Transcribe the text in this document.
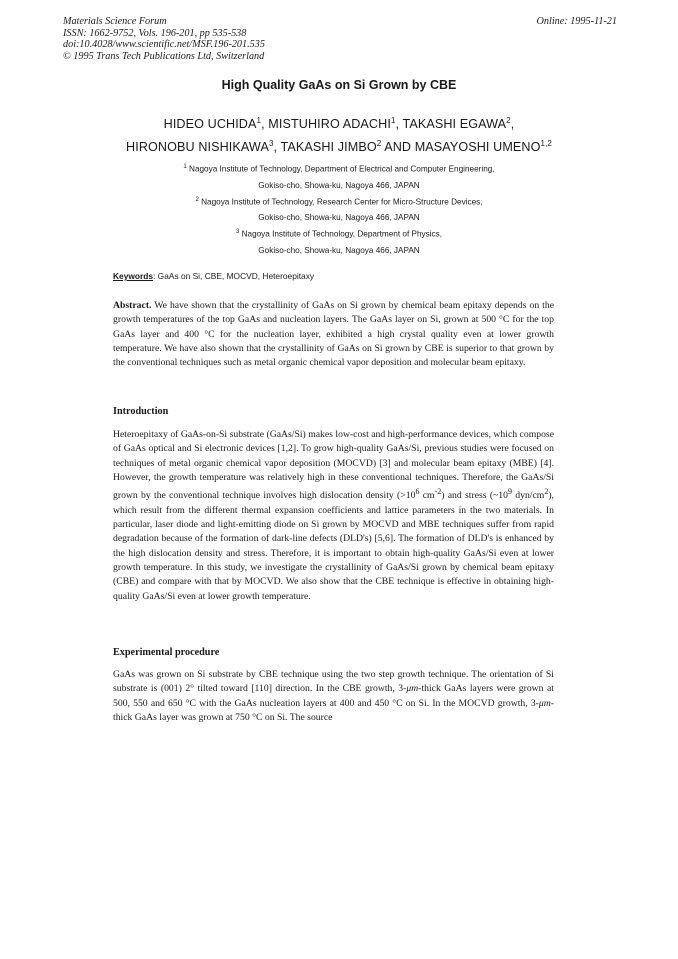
Materials Science Forum
ISSN: 1662-9752, Vols. 196-201, pp 535-538
doi:10.4028/www.scientific.net/MSF.196-201.535
© 1995 Trans Tech Publications Ltd, Switzerland
Online: 1995-11-21
High Quality GaAs on Si Grown by CBE
HIDEO UCHIDA$^1$, MISTUHIRO ADACHI$^1$, TAKASHI EGAWA$^2$,
HIRONOBU NISHIKAWA$^3$, TAKASHI JIMBO$^2$ AND MASAYOSHI UMENO$^{1,2}$
$^1$ Nagoya Institute of Technology, Department of Electrical and Computer Engineering,
Gokiso-cho, Showa-ku, Nagoya 466, JAPAN
$^2$ Nagoya Institute of Technology, Research Center for Micro-Structure Devices,
Gokiso-cho, Showa-ku, Nagoya 466, JAPAN
$^3$ Nagoya Institute of Technology, Department of Physics,
Gokiso-cho, Showa-ku, Nagoya 466, JAPAN
Keywords: GaAs on Si, CBE, MOCVD, Heteroepitaxy

Abstract. We have shown that the crystallinity of GaAs on Si grown by chemical beam epitaxy depends on the growth temperatures of the top GaAs and nucleation layers. The GaAs layer on Si, grown at 500 °C for the top GaAs layer and 400 °C for the nucleation layer, exhibited a high crystal quality even at lower growth temperature. We have also shown that the crystallinity of GaAs on Si grown by CBE is superior to that grown by the conventional techniques such as metal organic chemical vapor deposition and molecular beam epitaxy.

Introduction

Heteroepitaxy of GaAs-on-Si substrate (GaAs/Si) makes low-cost and high-performance devices, which compose of GaAs optical and Si electronic devices [1,2]. To grow high-quality GaAs/Si, previous studies were focused on techniques of metal organic chemical vapor deposition (MOCVD) [3] and molecular beam epitaxy (MBE) [4]. However, the growth temperature was relatively high in these conventional techniques. Therefore, the GaAs/Si grown by the conventional technique involves high dislocation density ($>10^6$ $cm^{-2}$) and stress ($\sim 10^9$ dyn/$cm^2$), which result from the different thermal expansion coefficients and lattice parameters in the two materials. In particular, laser diode and light-emitting diode on Si grown by MOCVD and MBE techniques suffer from rapid degradation because of the formation of dark-line defects (DLD's) [5,6]. The formation of DLD's is enhanced by the high dislocation density and stress. Therefore, it is important to obtain high-quality GaAs/Si even at lower growth temperature. In this study, we investigate the crystallinity of GaAs/Si grown by chemical beam epitaxy (CBE) and compare with that by MOCVD. We also show that the CBE technique is effective in obtaining high-quality GaAs/Si even at lower growth temperature.

Experimental procedure

GaAs was grown on Si substrate by CBE technique using the two step growth technique. The orientation of Si substrate is (001) 2° tilted toward [110] direction. In the CBE growth, 3-μm-thick GaAs layers were grown at 500, 550 and 650 °C with the GaAs nucleation layers at 400 and 450 °C on Si. In the MOCVD growth, 3-μm-thick GaAs layer was grown at 750 °C on Si. The source
